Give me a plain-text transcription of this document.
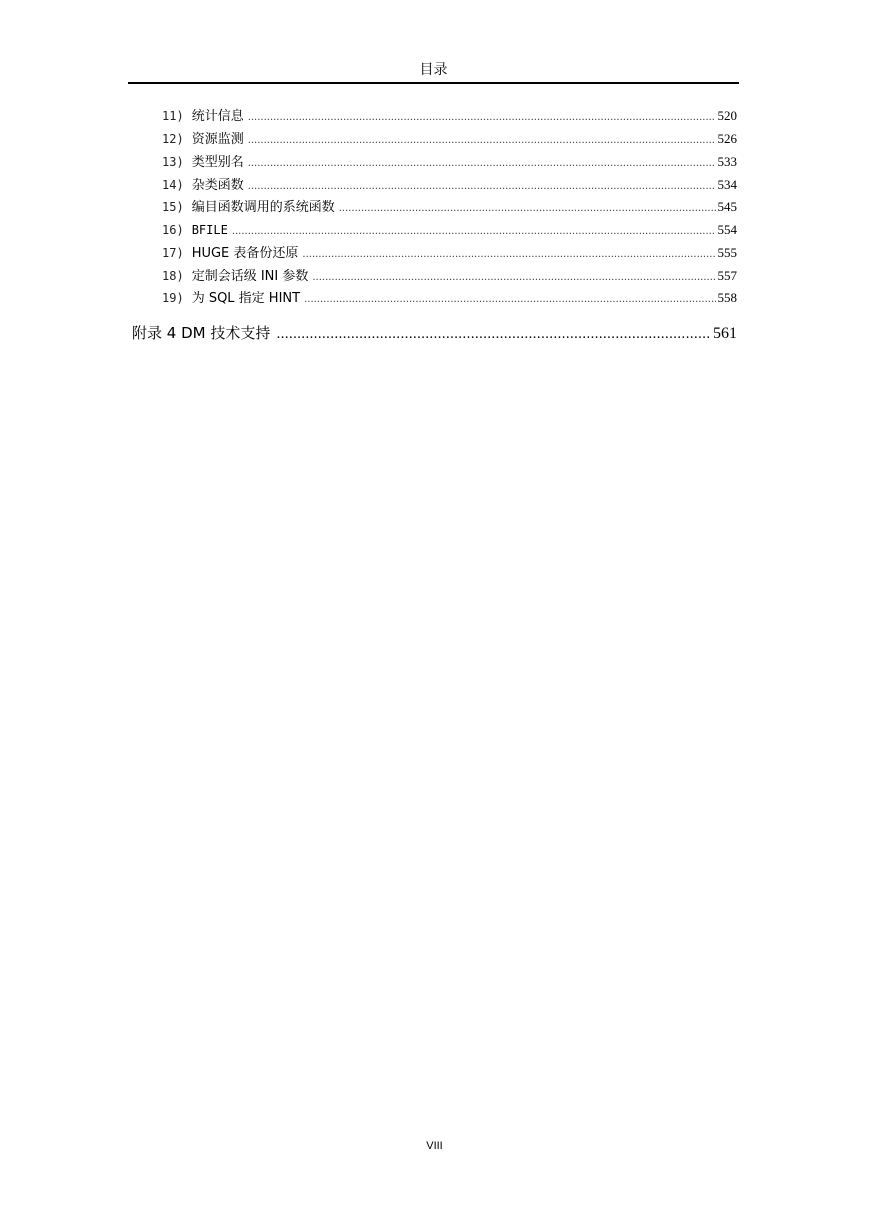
目录
11) 统计信息 .....	520
12) 资源监测 .....	526
13) 类型别名 .....	533
14) 杂类函数 .....	534
15) 编目函数调用的系统函数 .....	545
16) BFILE .....	554
17) HUGE 表备份还原 .....	555
18) 定制会话级 INI 参数 .....	557
19) 为 SQL 指定 HINT .....	558
附录 4 DM 技术支持 .....	561
VIII
